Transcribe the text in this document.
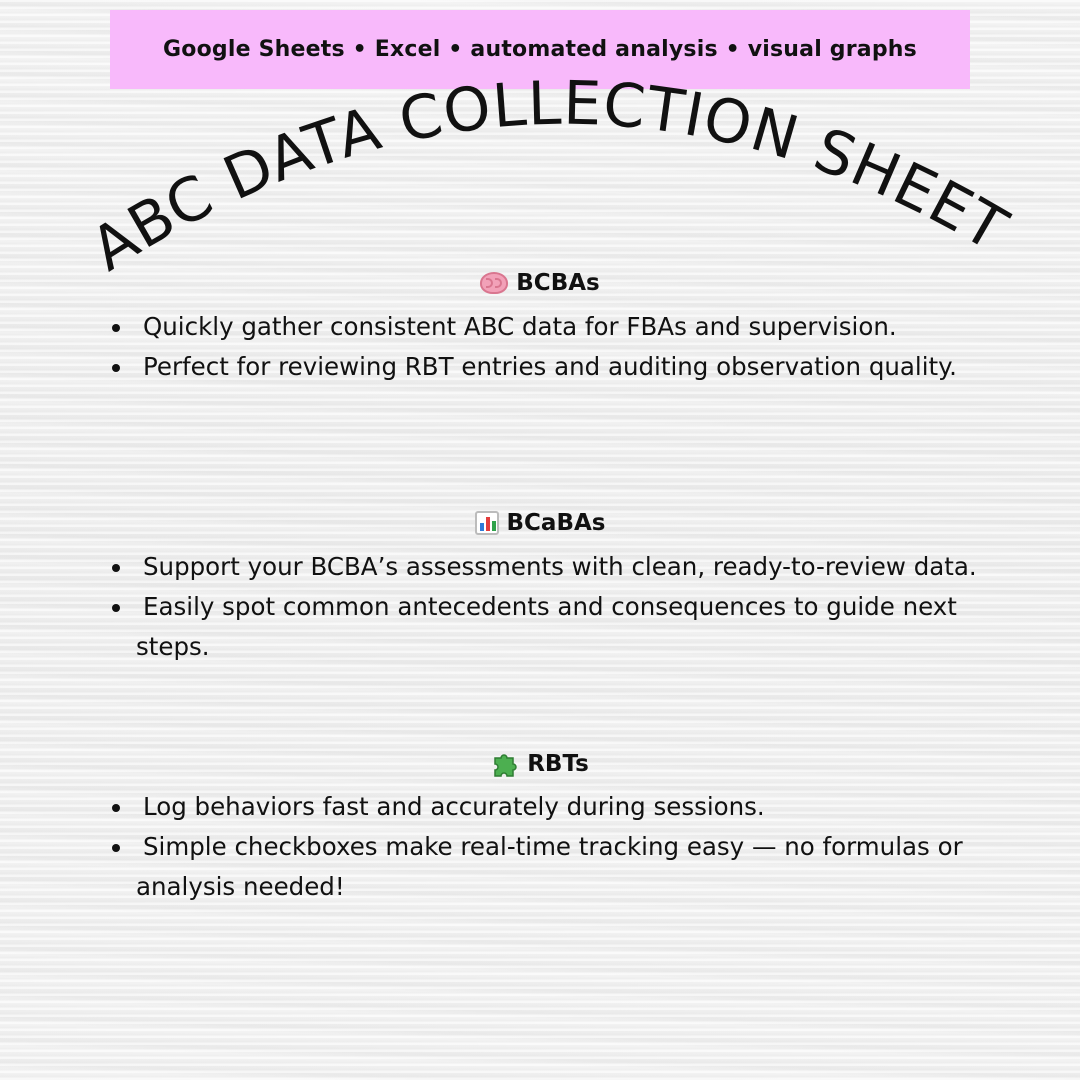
Google Sheets • Excel • automated analysis • visual graphs
ABC DATA COLLECTION SHEET
BCBAs
Quickly gather consistent ABC data for FBAs and supervision.
Perfect for reviewing RBT entries and auditing observation quality.
BCaBAs
Support your BCBA’s assessments with clean, ready-to-review data.
Easily spot common antecedents and consequences to guide next steps.
RBTs
Log behaviors fast and accurately during sessions.
Simple checkboxes make real-time tracking easy — no formulas or analysis needed!
